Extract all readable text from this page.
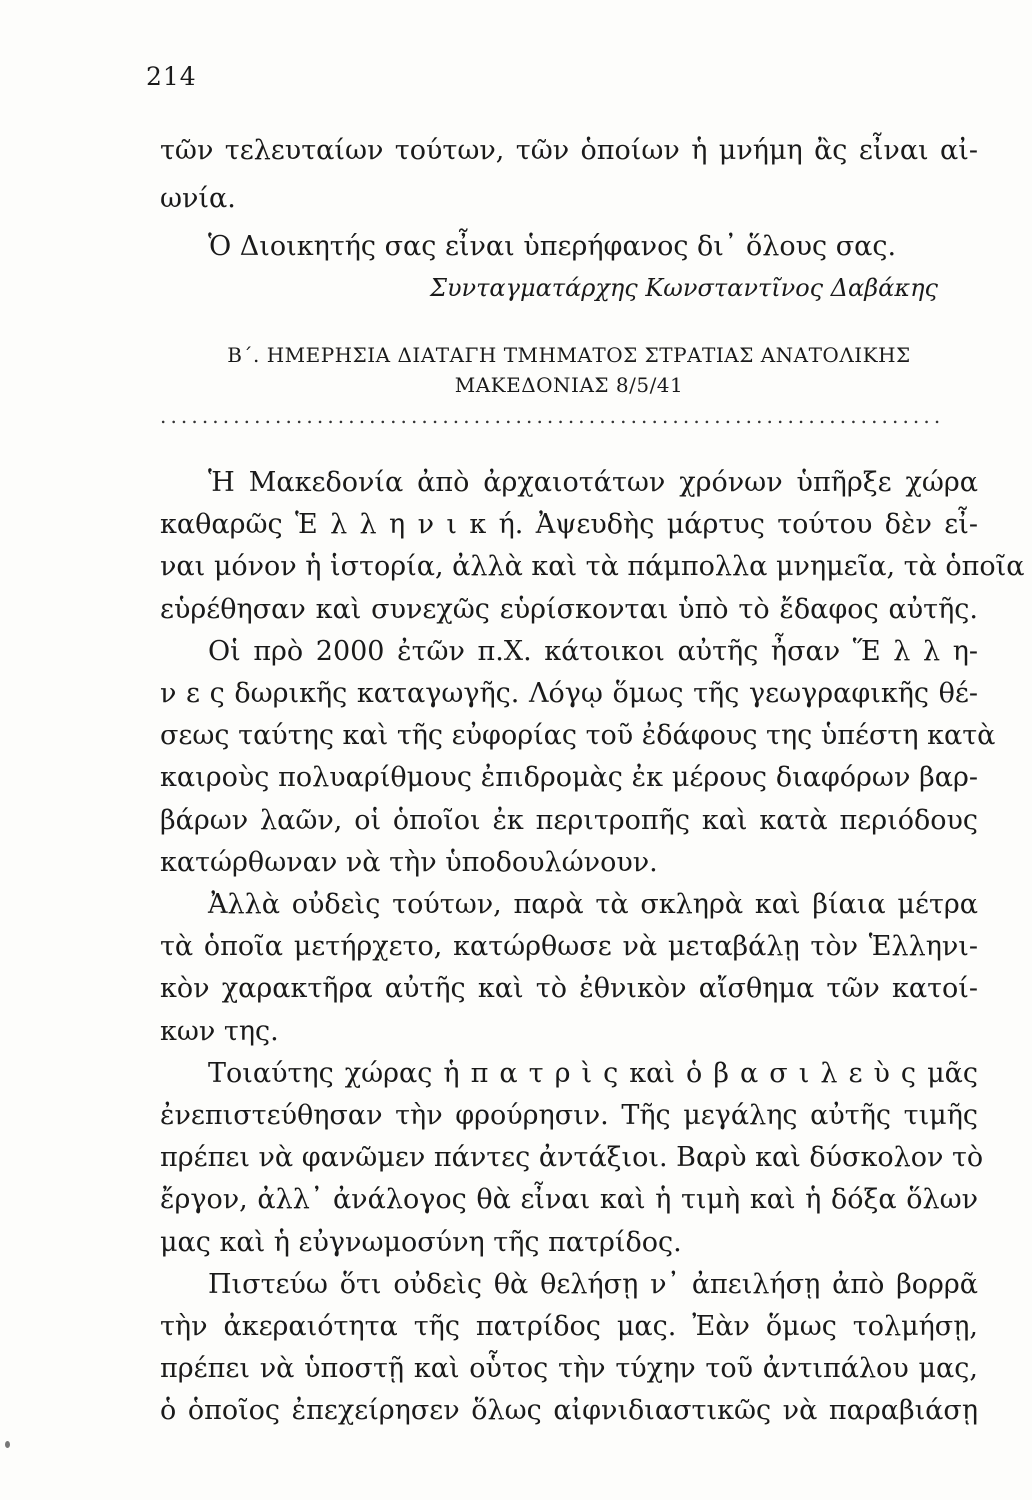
214
τῶν τελευταίων τούτων, τῶν ὁποίων ἡ μνήμη ἂς εἶναι αἰ-
ωνία.
Ὁ Διοικητής σας εἶναι ὑπερήφανος δι᾽ ὅλους σας.
Συνταγματάρχης Κωνσταντῖνος Δαβάκης
Β΄. ΗΜΕΡΗΣΙΑ ΔΙΑΤΑΓΗ ΤΜΗΜΑΤΟΣ ΣΤΡΑΤΙΑΣ ΑΝΑΤΟΛΙΚΗΣ
ΜΑΚΕΔΟΝΙΑΣ 8/5/41
...........................................................................
Ἡ Μακεδονία ἀπὸ ἀρχαιοτάτων χρόνων ὑπῆρξε χώρα
καθαρῶς Ἑ λ λ η ν ι κ ή. Ἀψευδὴς μάρτυς τούτου δὲν εἶ-
ναι μόνον ἡ ἱστορία, ἀλλὰ καὶ τὰ πάμπολλα μνημεῖα, τὰ ὁποῖα
εὑρέθησαν καὶ συνεχῶς εὑρίσκονται ὑπὸ τὸ ἔδαφος αὐτῆς.
Οἱ πρὸ 2000 ἐτῶν π.Χ. κάτοικοι αὐτῆς ἦσαν Ἕ λ λ η-
ν ε ς δωρικῆς καταγωγῆς. Λόγῳ ὅμως τῆς γεωγραφικῆς θέ-
σεως ταύτης καὶ τῆς εὐφορίας τοῦ ἐδάφους της ὑπέστη κατὰ
καιροὺς πολυαρίθμους ἐπιδρομὰς ἐκ μέρους διαφόρων βαρ-
βάρων λαῶν, οἱ ὁποῖοι ἐκ περιτροπῆς καὶ κατὰ περιόδους
κατώρθωναν νὰ τὴν ὑποδουλώνουν.
Ἀλλὰ οὐδεὶς τούτων, παρὰ τὰ σκληρὰ καὶ βίαια μέτρα
τὰ ὁποῖα μετήρχετο, κατώρθωσε νὰ μεταβάλῃ τὸν Ἑλληνι-
κὸν χαρακτῆρα αὐτῆς καὶ τὸ ἐθνικὸν αἴσθημα τῶν κατοί-
κων της.
Τοιαύτης χώρας ἡ π α τ ρ ὶ ς καὶ ὁ β α σ ι λ ε ὺ ς μᾶς
ἐνεπιστεύθησαν τὴν φρούρησιν. Τῆς μεγάλης αὐτῆς τιμῆς
πρέπει νὰ φανῶμεν πάντες ἀντάξιοι. Βαρὺ καὶ δύσκολον τὸ
ἔργον, ἀλλ᾽ ἀνάλογος θὰ εἶναι καὶ ἡ τιμὴ καὶ ἡ δόξα ὅλων
μας καὶ ἡ εὐγνωμοσύνη τῆς πατρίδος.
Πιστεύω ὅτι οὐδεὶς θὰ θελήσῃ ν᾽ ἀπειλήσῃ ἀπὸ βορρᾶ
τὴν ἀκεραιότητα τῆς πατρίδος μας. Ἐὰν ὅμως τολμήσῃ,
πρέπει νὰ ὑποστῇ καὶ οὗτος τὴν τύχην τοῦ ἀντιπάλου μας,
ὁ ὁποῖος ἐπεχείρησεν ὅλως αἰφνιδιαστικῶς νὰ παραβιάσῃ
